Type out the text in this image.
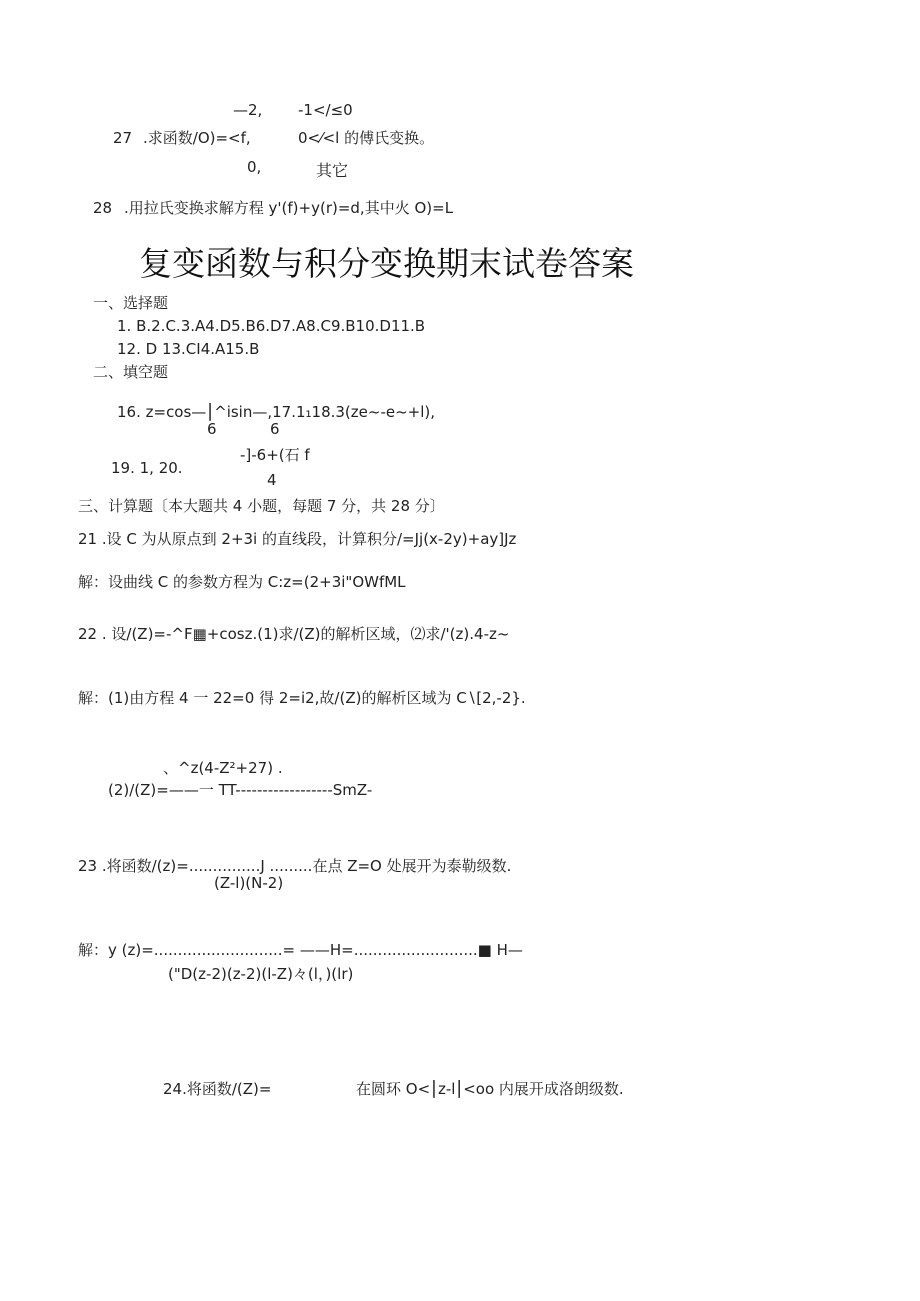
—2, -1</≤0
27 .求函数/O)=<f,	0<⁄<l 的傅氏变换。
0,	其它
28 .用拉氏变换求解方程 y'(f)+y(r)=d,其中火 O)=L
复变函数与积分变换期末试卷答案
一、选择题
1. B.2.C.3.A4.D5.B6.D7.A8.C9.B10.D11.B
12. D 13.CI4.A15.B
二、填空题
16. z=cos—⎮^isin—,17.1₁18.3(ze~-e~+l),
6	6
-]-6+(石 f
19. 1, 20.
4
三、计算题〔本大题共 4 小题，每题 7 分，共 28 分〕
21 .设 C 为从原点到 2+3i 的直线段，计算积分/=Jj(x-2y)+ay]Jz
解：设曲线 C 的参数方程为 C:z=(2+3i"OWfML
22 . 设/(Z)=-^F▦+cosz.(1)求/(Z)的解析区域，⑵求/'(z).4-z~
解：(1)由方程 4 一 22=0 得 2=i2,故/(Z)的解析区域为 C∖[2,-2}.
、^z(4-Z²+27) .
(2)/(Z)=——一 TT------------------SmZ-
23 .将函数/(z)=...............J .........在点 Z=O 处展开为泰勒级数.
(Z-l)(N-2)
解：y (z)=...........................= ——H=..........................■ H—
("D(z-2)(z-2)(l-Z)々(l，)(lr)
24.将函数/(Z)=	在圆环 O<⎮z-l⎮<oo 内展开成洛朗级数.
